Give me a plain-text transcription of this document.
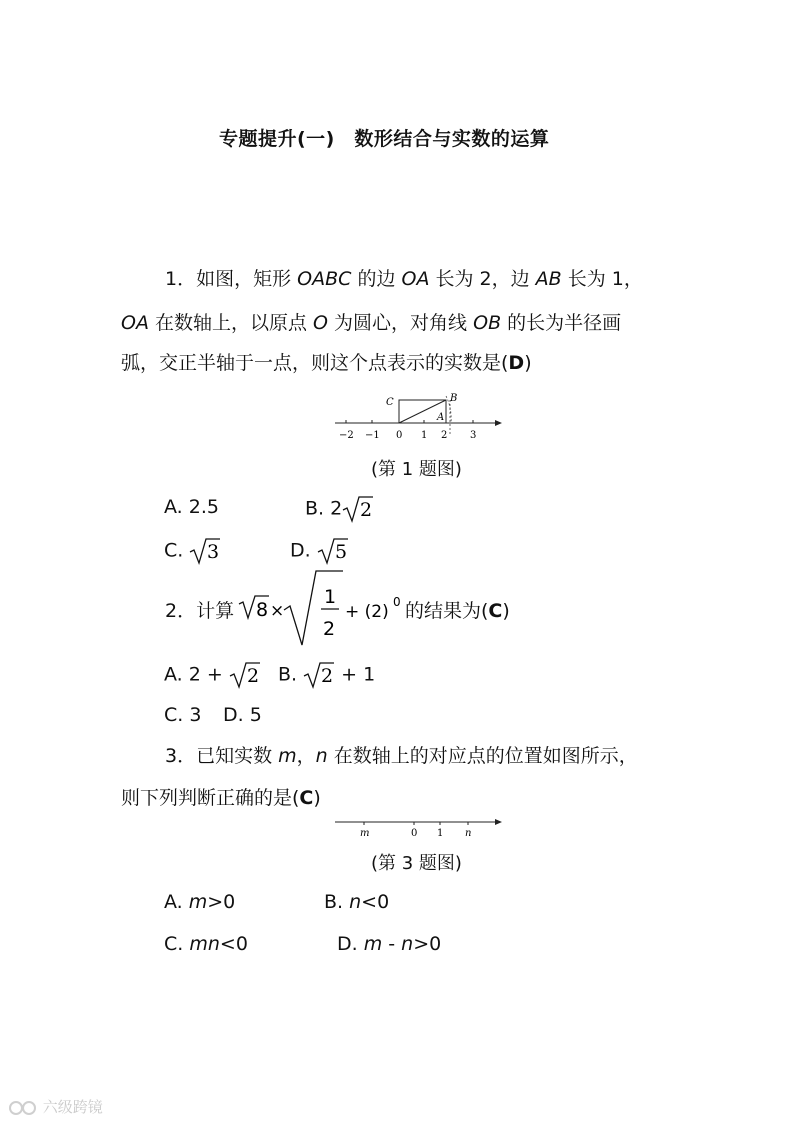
专题提升(一)　数形结合与实数的运算
1．如图，矩形 OABC 的边 OA 长为 2，边 AB 长为 1，
OA 在数轴上，以原点 O 为圆心，对角线 OB 的长为半径画
弧，交正半轴于一点，则这个点表示的实数是(D)
C	B
A
−2 −1 0 1 2 3
(第 1 题图)
A. 2.5	B. 2 2
C. 3	D. 5
2．计算 8 ×
1
2
+ (2) 0 的结果为(C)
A. 2 + 2 B. 2 + 1
C. 3 D. 5
3．已知实数 m，n 在数轴上的对应点的位置如图所示，
则下列判断正确的是(C)
m	0 1 n
(第 3 题图)
A. m>0	B. n<0
C. mn<0	D. m - n>0
六级跨镜
